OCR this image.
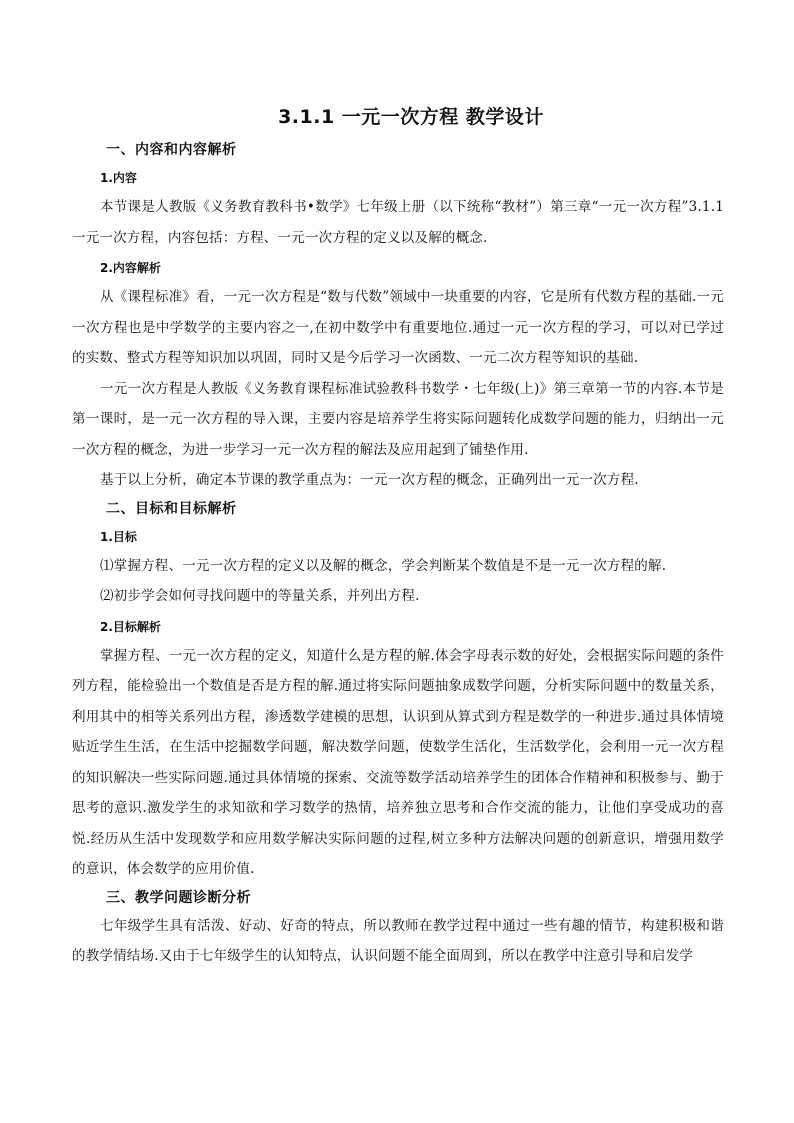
3.1.1 一元一次方程 教学设计
一、内容和内容解析
1.内容

本节课是人教版《义务教育教科书•数学》七年级上册（以下统称“教材”）第三章“一元一次方程”3.1.1 一元一次方程，内容包括：方程、一元一次方程的定义以及解的概念.

2.内容解析

从《课程标准》看，一元一次方程是“数与代数”领域中一块重要的内容，它是所有代数方程的基础.一元一次方程也是中学数学的主要内容之一,在初中数学中有重要地位.通过一元一次方程的学习，可以对已学过的实数、整式方程等知识加以巩固，同时又是今后学习一次函数、一元二次方程等知识的基础.

一元一次方程是人教版《义务教育课程标准试验教科书数学・七年级(上)》第三章第一节的内容.本节是第一课时，是一元一次方程的导入课，主要内容是培养学生将实际问题转化成数学问题的能力，归纳出一元一次方程的概念，为进一步学习一元一次方程的解法及应用起到了铺垫作用.

基于以上分析，确定本节课的教学重点为：一元一次方程的概念，正确列出一元一次方程.

二、目标和目标解析
1.目标

⑴掌握方程、一元一次方程的定义以及解的概念，学会判断某个数值是不是一元一次方程的解.

⑵初步学会如何寻找问题中的等量关系，并列出方程.

2.目标解析

掌握方程、一元一次方程的定义，知道什么是方程的解.体会字母表示数的好处，会根据实际问题的条件列方程，能检验出一个数值是否是方程的解.通过将实际问题抽象成数学问题，分析实际问题中的数量关系，利用其中的相等关系列出方程，渗透数学建模的思想，认识到从算式到方程是数学的一种进步.通过具体情境贴近学生生活，在生活中挖掘数学问题，解决数学问题，使数学生活化，生活数学化，会利用一元一次方程的知识解决一些实际问题.通过具体情境的探索、交流等数学活动培养学生的团体合作精神和积极参与、勤于思考的意识.激发学生的求知欲和学习数学的热情，培养独立思考和合作交流的能力，让他们享受成功的喜悦.经历从生活中发现数学和应用数学解决实际问题的过程,树立多种方法解决问题的创新意识，增强用数学的意识，体会数学的应用价值.

三、教学问题诊断分析

七年级学生具有活泼、好动、好奇的特点，所以教师在教学过程中通过一些有趣的情节，构建积极和谐的教学情结场.又由于七年级学生的认知特点，认识问题不能全面周到，所以在教学中注意引导和启发学
